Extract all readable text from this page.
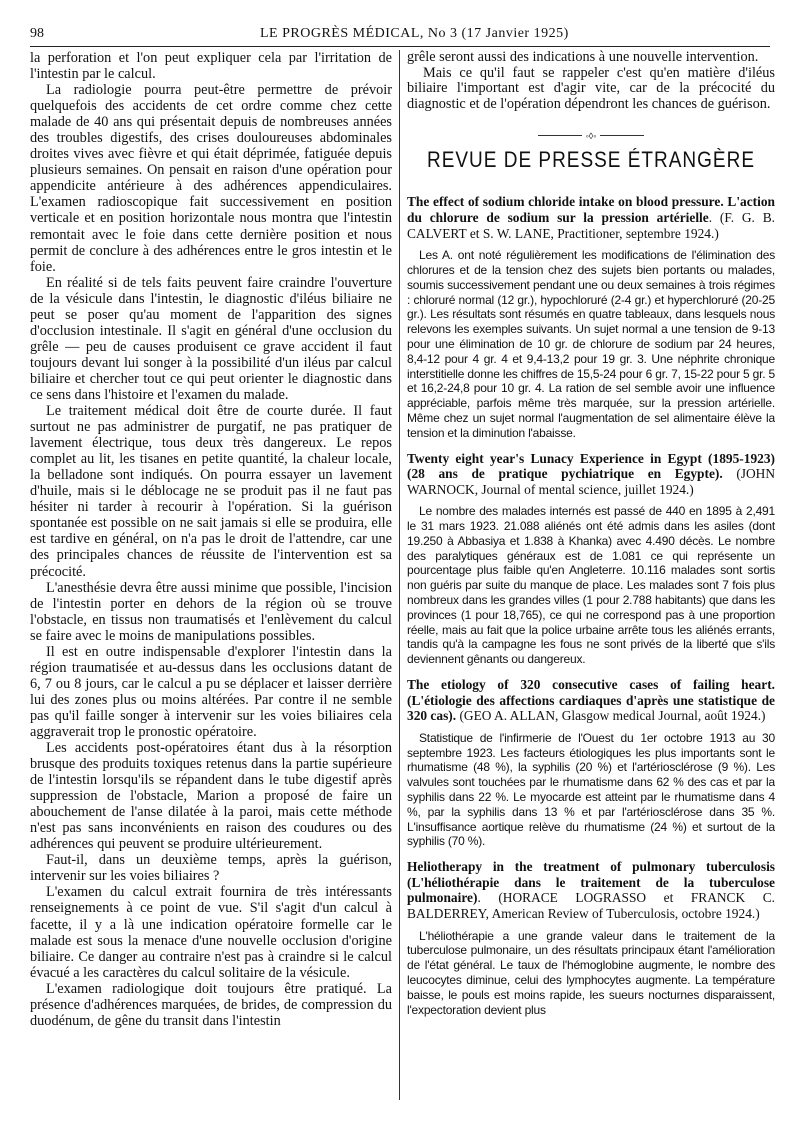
98	LE PROGRÈS MÉDICAL, No 3 (17 Janvier 1925)

la perforation et l'on peut expliquer cela par l'irritation de l'intestin par le calcul.

La radiologie pourra peut-être permettre de prévoir quelquefois des accidents de cet ordre comme chez cette malade de 40 ans qui présentait depuis de nombreuses années des troubles digestifs, des crises douloureuses abdominales droites vives avec fièvre et qui était déprimée, fatiguée depuis plusieurs semaines. On pensait en raison d'une opération pour appendicite antérieure à des adhérences appendiculaires. L'examen radioscopique fait successivement en position verticale et en position horizontale nous montra que l'intestin remontait avec le foie dans cette dernière position et nous permit de conclure à des adhérences entre le gros intestin et le foie.

En réalité si de tels faits peuvent faire craindre l'ouverture de la vésicule dans l'intestin, le diagnostic d'iléus biliaire ne peut se poser qu'au moment de l'apparition des signes d'occlusion intestinale. Il s'agit en général d'une occlusion du grêle — peu de causes produisent ce grave accident il faut toujours devant lui songer à la possibilité d'un iléus par calcul biliaire et chercher tout ce qui peut orienter le diagnostic dans ce sens dans l'histoire et l'examen du malade.

Le traitement médical doit être de courte durée. Il faut surtout ne pas administrer de purgatif, ne pas pratiquer de lavement électrique, tous deux très dangereux. Le repos complet au lit, les tisanes en petite quantité, la chaleur locale, la belladone sont indiqués. On pourra essayer un lavement d'huile, mais si le déblocage ne se produit pas il ne faut pas hésiter ni tarder à recourir à l'opération. Si la guérison spontanée est possible on ne sait jamais si elle se produira, elle est tardive en général, on n'a pas le droit de l'attendre, car une des principales chances de réussite de l'intervention est sa précocité.

L'anesthésie devra être aussi minime que possible, l'incision de l'intestin porter en dehors de la région où se trouve l'obstacle, en tissus non traumatisés et l'enlèvement du calcul se faire avec le moins de manipulations possibles.

Il est en outre indispensable d'explorer l'intestin dans la région traumatisée et au-dessus dans les occlusions datant de 6, 7 ou 8 jours, car le calcul a pu se déplacer et laisser derrière lui des zones plus ou moins altérées. Par contre il ne semble pas qu'il faille songer à intervenir sur les voies biliaires cela aggraverait trop le pronostic opératoire.

Les accidents post-opératoires étant dus à la résorption brusque des produits toxiques retenus dans la partie supérieure de l'intestin lorsqu'ils se répandent dans le tube digestif après suppression de l'obstacle, Marion a proposé de faire un abouchement de l'anse dilatée à la paroi, mais cette méthode n'est pas sans inconvénients en raison des coudures ou des adhérences qui peuvent se produire ultérieurement.

Faut-il, dans un deuxième temps, après la guérison, intervenir sur les voies biliaires ?

L'examen du calcul extrait fournira de très intéressants renseignements à ce point de vue. S'il s'agit d'un calcul à facette, il y a là une indication opératoire formelle car le malade est sous la menace d'une nouvelle occlusion d'origine biliaire. Ce danger au contraire n'est pas à craindre si le calcul évacué a les caractères du calcul solitaire de la vésicule.

L'examen radiologique doit toujours être pratiqué. La présence d'adhérences marquées, de brides, de compression du duodénum, de gêne du transit dans l'intestin

grêle seront aussi des indications à une nouvelle intervention.

Mais ce qu'il faut se rappeler c'est qu'en matière d'iléus biliaire l'important est d'agir vite, car de la précocité du diagnostic et de l'opération dépendront les chances de guérison.

◦◊◦
REVUE DE PRESSE ÉTRANGÈRE

The effect of sodium chloride intake on blood pressure. L'action du chlorure de sodium sur la pression artérielle. (F. G. B. CALVERT et S. W. LANE, Practitioner, septembre 1924.)

Les A. ont noté régulièrement les modifications de l'élimination des chlorures et de la tension chez des sujets bien portants ou malades, soumis successivement pendant une ou deux semaines à trois régimes : chloruré normal (12 gr.), hypochloruré (2-4 gr.) et hyperchloruré (20-25 gr.). Les résultats sont résumés en quatre tableaux, dans lesquels nous relevons les exemples suivants. Un sujet normal a une tension de 9-13 pour une élimination de 10 gr. de chlorure de sodium par 24 heures, 8,4-12 pour 4 gr. 4 et 9,4-13,2 pour 19 gr. 3. Une néphrite chronique interstitielle donne les chiffres de 15,5-24 pour 6 gr. 7, 15-22 pour 5 gr. 5 et 16,2-24,8 pour 10 gr. 4. La ration de sel semble avoir une influence appréciable, parfois même très marquée, sur la pression artérielle. Même chez un sujet normal l'augmentation de sel alimentaire élève la tension et la diminution l'abaisse.

Twenty eight year's Lunacy Experience in Egypt (1895-1923) (28 ans de pratique pychiatrique en Egypte). (JOHN WARNOCK, Journal of mental science, juillet 1924.)

Le nombre des malades internés est passé de 440 en 1895 à 2,491 le 31 mars 1923. 21.088 aliénés ont été admis dans les asiles (dont 19.250 à Abbasiya et 1.838 à Khanka) avec 4.490 décès. Le nombre des paralytiques généraux est de 1.081 ce qui représente un pourcentage plus faible qu'en Angleterre. 10.116 malades sont sortis non guéris par suite du manque de place. Les malades sont 7 fois plus nombreux dans les grandes villes (1 pour 2.788 habitants) que dans les provinces (1 pour 18,765), ce qui ne correspond pas à une proportion réelle, mais au fait que la police urbaine arrête tous les aliénés errants, tandis qu'à la campagne les fous ne sont privés de la liberté que s'ils deviennent gênants ou dangereux.

The etiology of 320 consecutive cases of failing heart. (L'étiologie des affections cardiaques d'après une statistique de 320 cas). (GEO A. ALLAN, Glasgow medical Journal, août 1924.)

Statistique de l'infirmerie de l'Ouest du 1er octobre 1913 au 30 septembre 1923. Les facteurs étiologiques les plus importants sont le rhumatisme (48 %), la syphilis (20 %) et l'artériosclérose (9 %). Les valvules sont touchées par le rhumatisme dans 62 % des cas et par la syphilis dans 22 %. Le myocarde est atteint par le rhumatisme dans 4 %, par la syphilis dans 13 % et par l'artériosclérose dans 35 %. L'insuffisance aortique relève du rhumatisme (24 %) et surtout de la syphilis (70 %).

Heliotherapy in the treatment of pulmonary tuberculosis (L'héliothérapie dans le traitement de la tuberculose pulmonaire). (HORACE LOGRASSO et FRANCK C. BALDERREY, American Review of Tuberculosis, octobre 1924.)

L'héliothérapie a une grande valeur dans le traitement de la tuberculose pulmonaire, un des résultats principaux étant l'amélioration de l'état général. Le taux de l'hémoglobine augmente, le nombre des leucocytes diminue, celui des lymphocytes augmente. La température baisse, le pouls est moins rapide, les sueurs nocturnes disparaissent, l'expectoration devient plus
